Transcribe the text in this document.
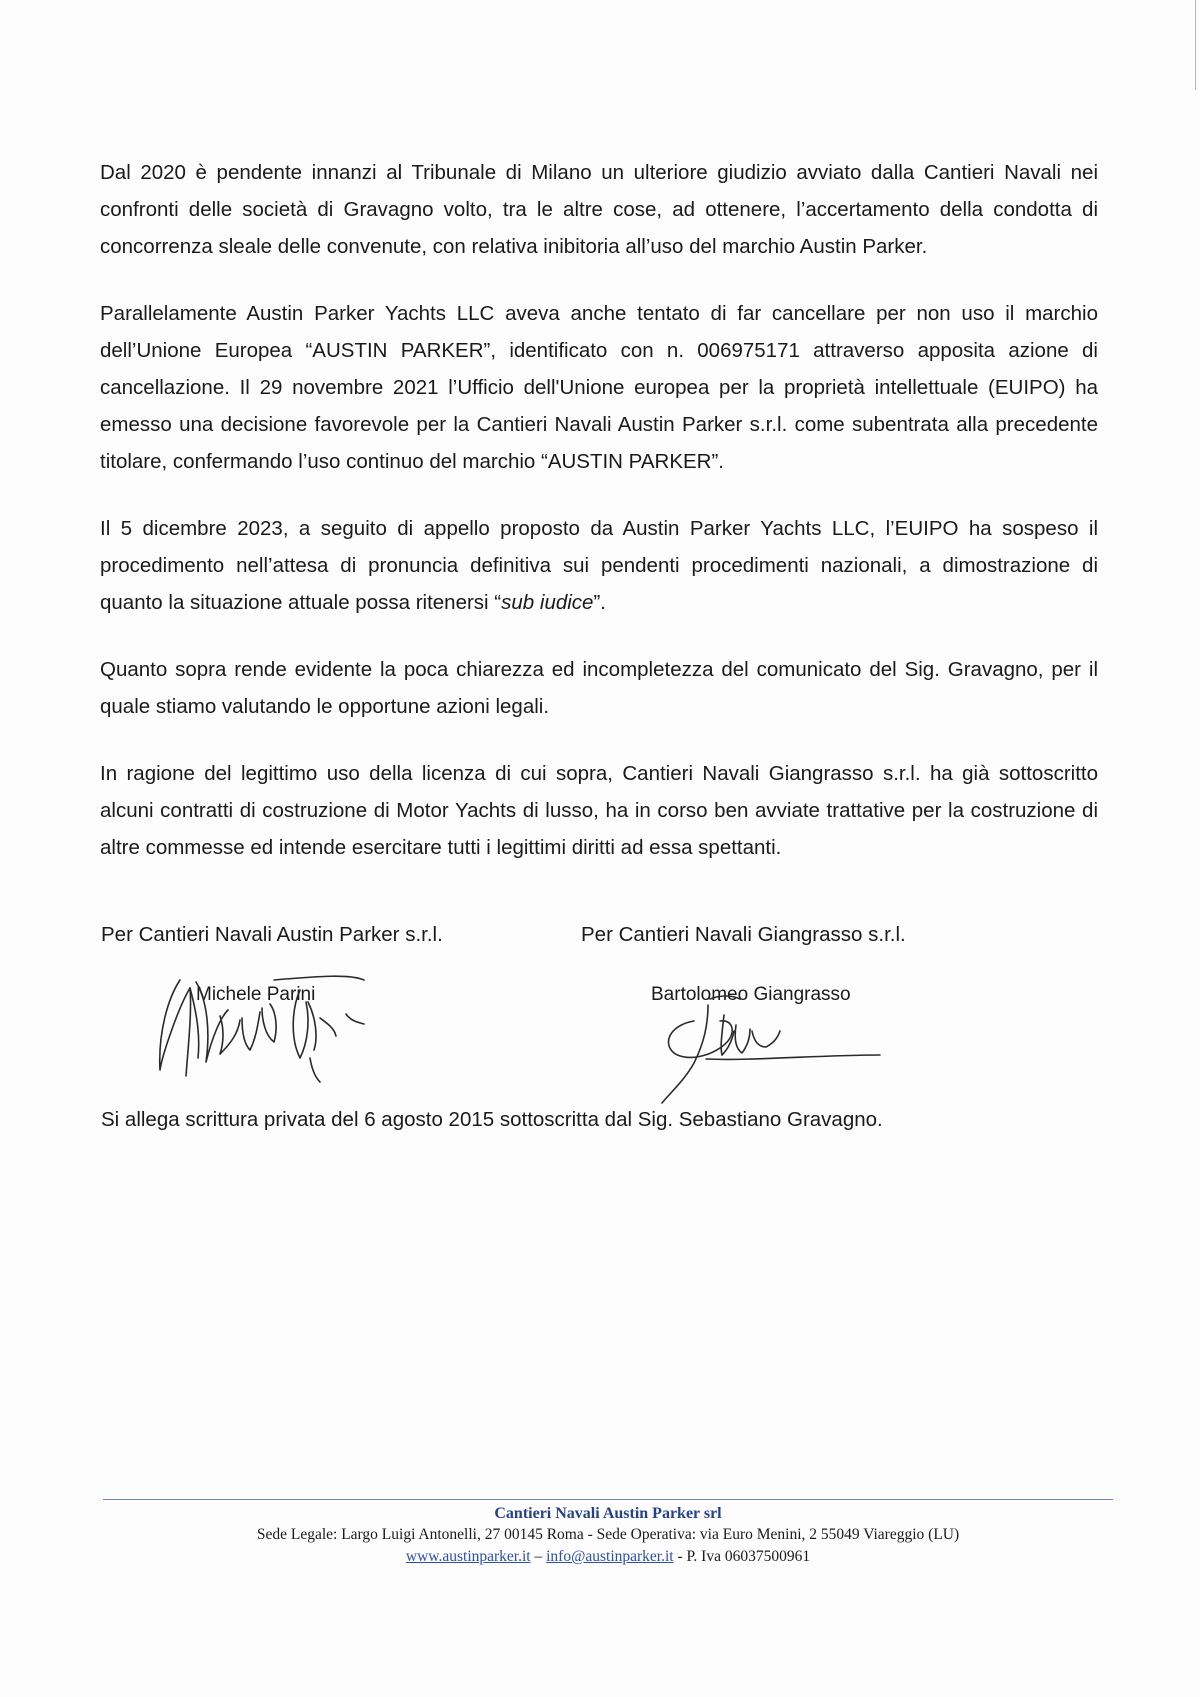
Dal 2020 è pendente innanzi al Tribunale di Milano un ulteriore giudizio avviato dalla Cantieri Navali nei confronti delle società di Gravagno volto, tra le altre cose, ad ottenere, l’accertamento della condotta di concorrenza sleale delle convenute, con relativa inibitoria all’uso del marchio Austin Parker.

Parallelamente Austin Parker Yachts LLC aveva anche tentato di far cancellare per non uso il marchio dell’Unione Europea “AUSTIN PARKER”, identificato con n. 006975171 attraverso apposita azione di cancellazione. Il 29 novembre 2021 l’Ufficio dell'Unione europea per la proprietà intellettuale (EUIPO) ha emesso una decisione favorevole per la Cantieri Navali Austin Parker s.r.l. come subentrata alla precedente titolare, confermando l’uso continuo del marchio “AUSTIN PARKER”.

Il 5 dicembre 2023, a seguito di appello proposto da Austin Parker Yachts LLC, l’EUIPO ha sospeso il procedimento nell’attesa di pronuncia definitiva sui pendenti procedimenti nazionali, a dimostrazione di quanto la situazione attuale possa ritenersi “sub iudice”.

Quanto sopra rende evidente la poca chiarezza ed incompletezza del comunicato del Sig. Gravagno, per il quale stiamo valutando le opportune azioni legali.

In ragione del legittimo uso della licenza di cui sopra, Cantieri Navali Giangrasso s.r.l. ha già sottoscritto alcuni contratti di costruzione di Motor Yachts di lusso, ha in corso ben avviate trattative per la costruzione di altre commesse ed intende esercitare tutti i legittimi diritti ad essa spettanti.

Per Cantieri Navali Austin Parker s.r.l.	Per Cantieri Navali Giangrasso s.r.l.
Michele Parini	Bartolomeo Giangrasso
Si allega scrittura privata del 6 agosto 2015 sottoscritta dal Sig. Sebastiano Gravagno.
Cantieri Navali Austin Parker srl
Sede Legale: Largo Luigi Antonelli, 27 00145 Roma - Sede Operativa: via Euro Menini, 2 55049 Viareggio (LU)
www.austinparker.it – info@austinparker.it - P. Iva 06037500961
